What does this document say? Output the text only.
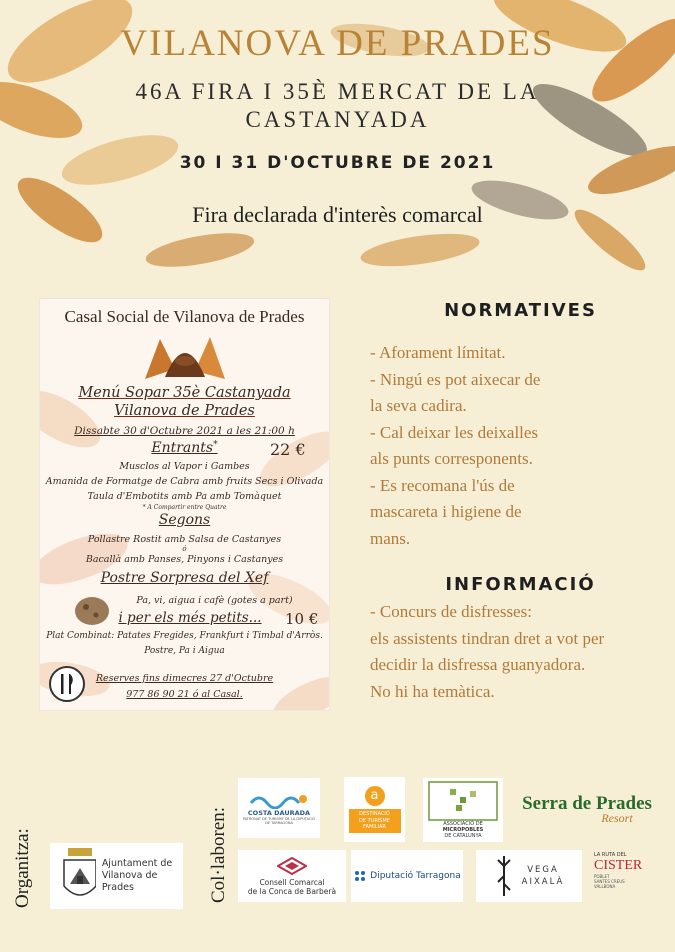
VILANOVA DE PRADES
46A FIRA I 35È MERCAT DE LA
CASTANYADA
30 I 31 D'OCTUBRE DE 2021
Fira declarada d'interès comarcal
Casal Social de Vilanova de Prades
Menú Sopar 35è Castanyada
Vilanova de Prades
Dissabte 30 d'Octubre 2021 a les 21:00 h
Entrants*	22 €
Musclos al Vapor i Gambes
Amanida de Formatge de Cabra amb fruits Secs i Olivada
Taula d'Embotits amb Pa amb Tomàquet
* A Compartir entre Quatre
Segons
Pollastre Rostit amb Salsa de Castanyes
ó
Bacallà amb Panses, Pinyons i Castanyes
Postre Sorpresa del Xef
Pa, vi, aigua i cafè (gotes a part)
i per els més petits...	10 €
Plat Combinat: Patates Fregides, Frankfurt i Timbal d'Arròs.
Postre, Pa i Aigua
Reserves fins dimecres 27 d'Octubre
977 86 90 21 ó al Casal.
NORMATIVES
- Aforament límitat.
- Ningú es pot aixecar de
la seva cadira.
- Cal deixar les deixalles
als punts corresponents.
- Es recomana l'ús de
mascareta i higiene de
mans.
INFORMACIÓ
- Concurs de disfresses:
els assistents tindran dret a vot per
decidir la disfressa guanyadora.
No hi ha temàtica.
Organitza:	Col·laboren:
Ajuntament de
Vilanova de Prades
COSTA DAURADA
PATRONAT DE TURISME DE LA DIPUTACIÓ DE TARRAGONA
a
DESTINACIÓ
DE TURISME
FAMILIAR
ASSOCIACIÓ DE
MICROPOBLES
DE CATALUNYA
Serra de Prades
Resort
Consell Comarcal
de la Conca de Barberà
Diputació Tarragona
VEGA
AIXALÀ
LA RUTA DEL
CISTER
POBLET
SANTES CREUS
VALLBONA
